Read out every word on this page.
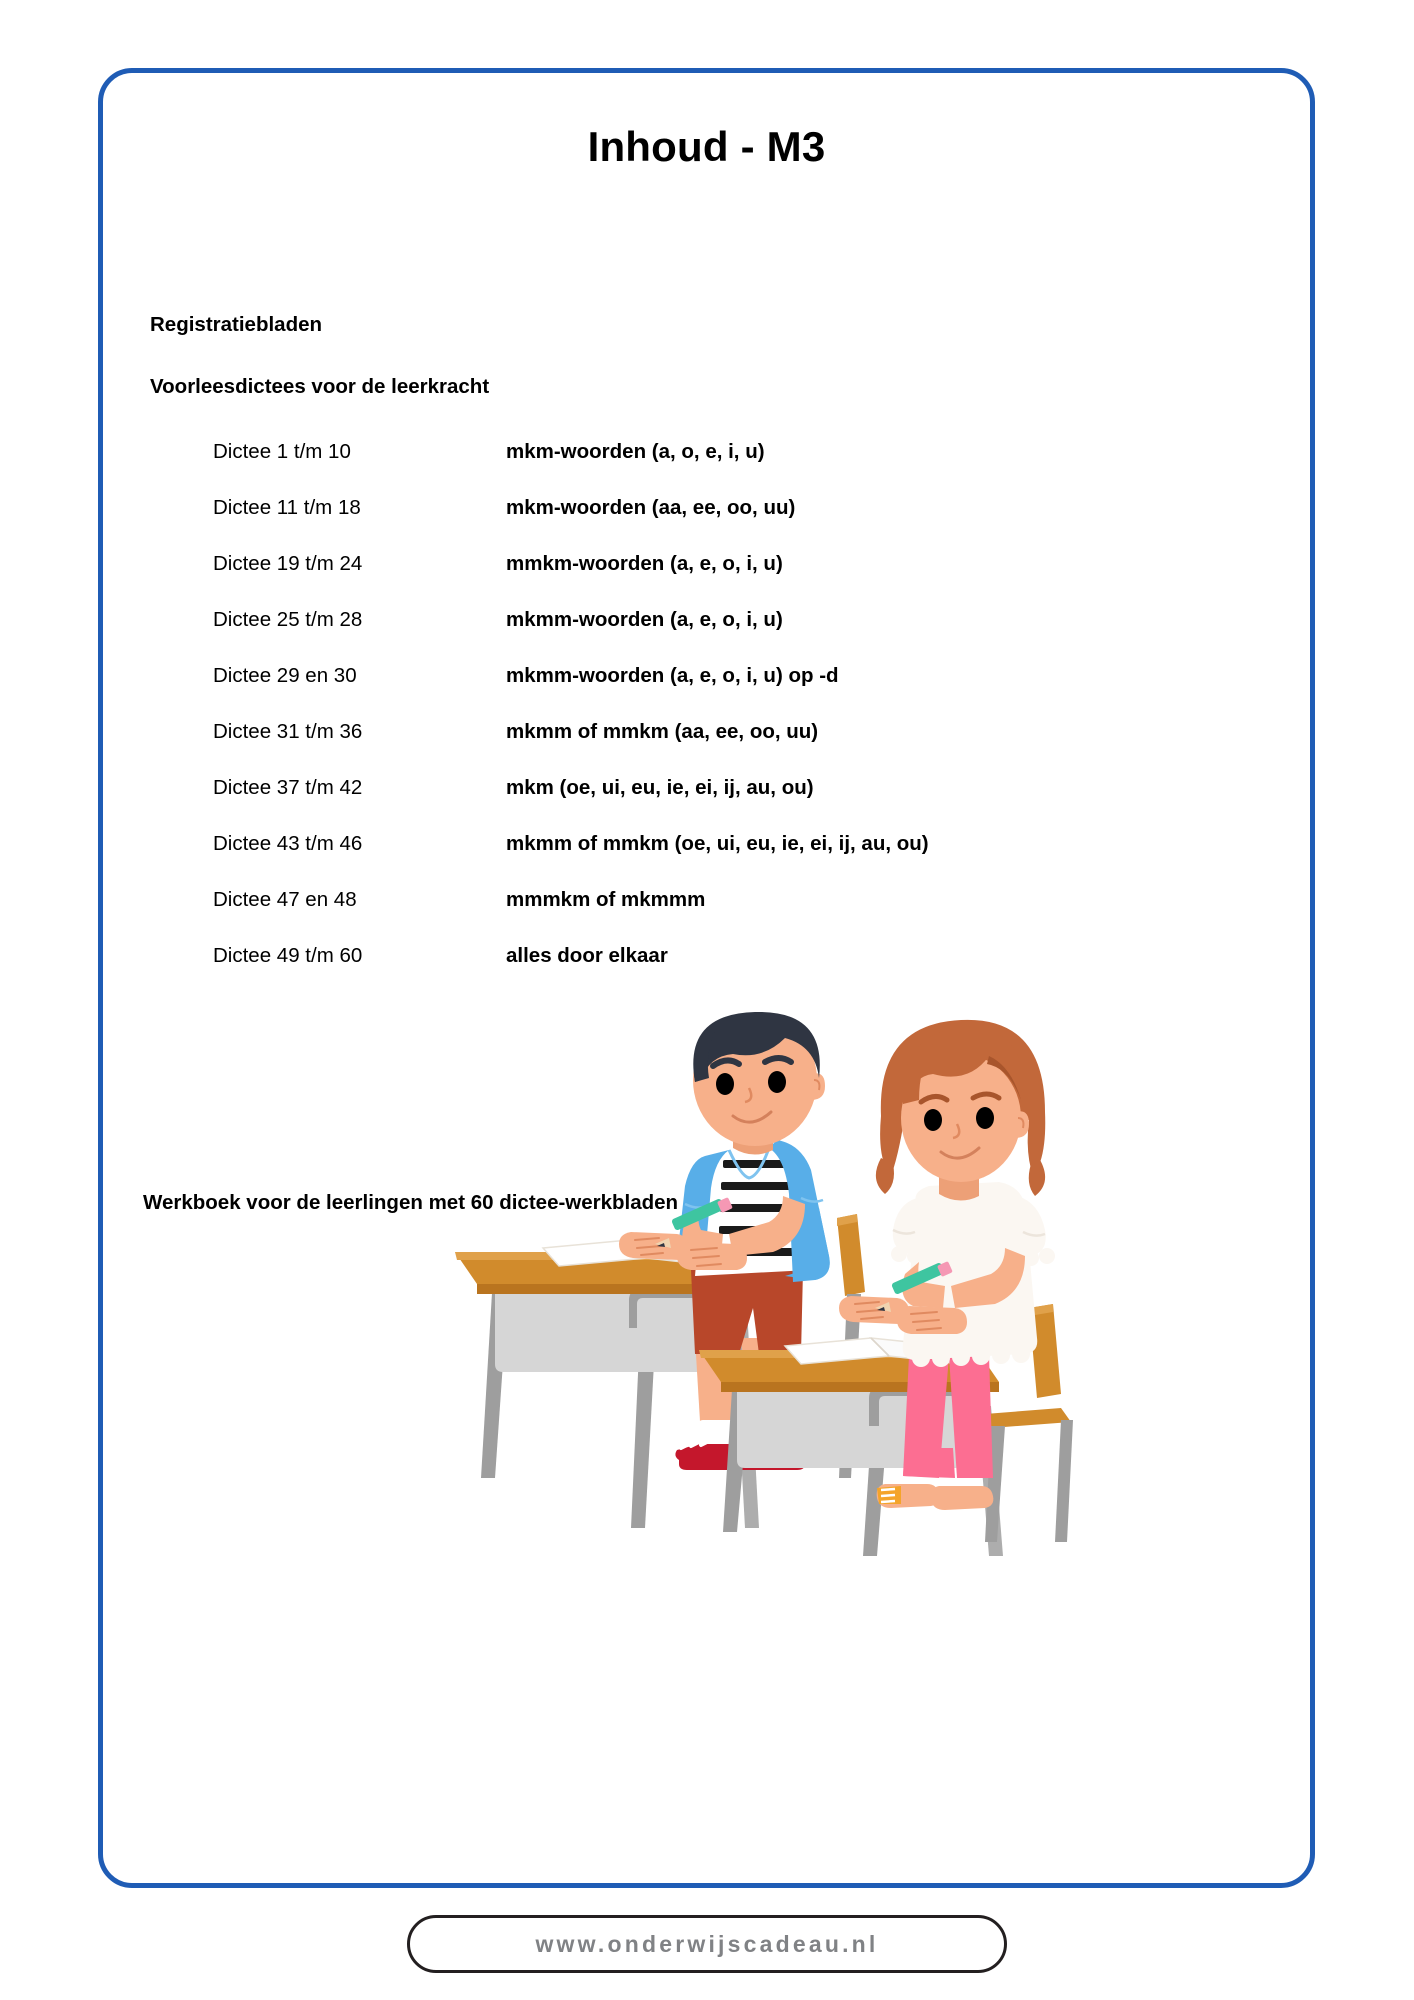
Inhoud - M3
Registratiebladen
Voorleesdictees voor de leerkracht
Dictee 1 t/m 10	mkm-woorden (a, o, e, i, u)
Dictee 11 t/m 18	mkm-woorden (aa, ee, oo, uu)
Dictee 19 t/m 24	mmkm-woorden (a, e, o, i, u)
Dictee 25 t/m 28	mkmm-woorden (a, e, o, i, u)
Dictee 29 en 30	mkmm-woorden (a, e, o, i, u) op -d
Dictee 31 t/m 36	mkmm of mmkm (aa, ee, oo, uu)
Dictee 37 t/m 42	mkm (oe, ui, eu, ie, ei, ij, au, ou)
Dictee 43 t/m 46	mkmm of mmkm (oe, ui, eu, ie, ei, ij, au, ou)
Dictee 47 en 48	mmmkm of mkmmm
Dictee 49 t/m 60	alles door elkaar
Werkboek voor de leerlingen met 60 dictee-werkbladen
www.onderwijscadeau.nl
